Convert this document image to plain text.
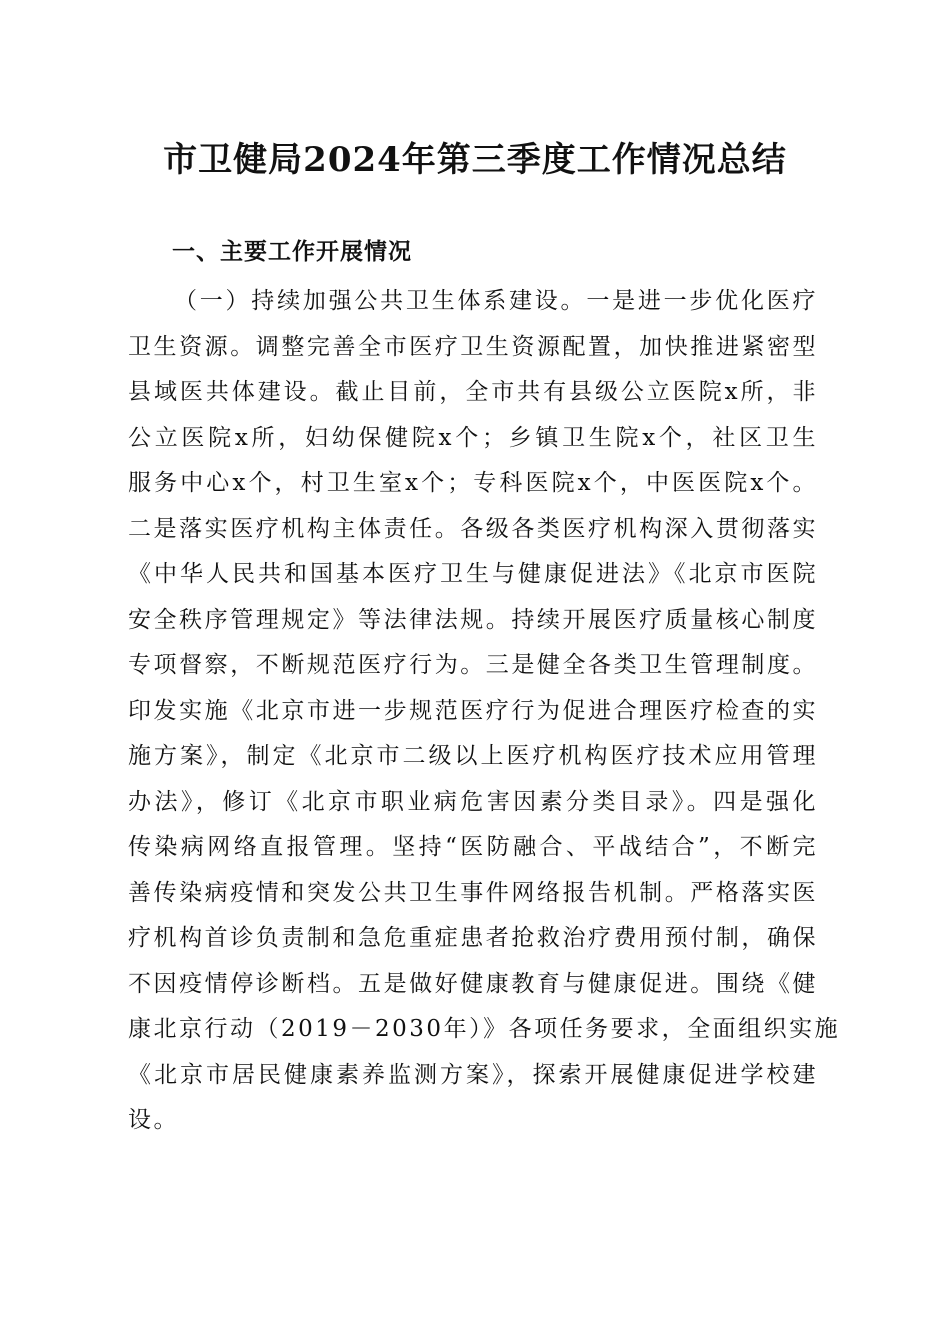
市卫健局2024年第三季度工作情况总结
一、主要工作开展情况
（一）持续加强公共卫生体系建设。一是进一步优化医疗
卫生资源。调整完善全市医疗卫生资源配置，加快推进紧密型
县域医共体建设。截止目前，全市共有县级公立医院x所，非
公立医院x所，妇幼保健院x个；乡镇卫生院x个，社区卫生
服务中心x个，村卫生室x个；专科医院x个，中医医院x个。
二是落实医疗机构主体责任。各级各类医疗机构深入贯彻落实
《中华人民共和国基本医疗卫生与健康促进法》《北京市医院
安全秩序管理规定》等法律法规。持续开展医疗质量核心制度
专项督察，不断规范医疗行为。三是健全各类卫生管理制度。
印发实施《北京市进一步规范医疗行为促进合理医疗检查的实
施方案》，制定《北京市二级以上医疗机构医疗技术应用管理
办法》，修订《北京市职业病危害因素分类目录》。四是强化
传染病网络直报管理。坚持“医防融合、平战结合”，不断完
善传染病疫情和突发公共卫生事件网络报告机制。严格落实医
疗机构首诊负责制和急危重症患者抢救治疗费用预付制，确保
不因疫情停诊断档。五是做好健康教育与健康促进。围绕《健
康北京行动（2019－2030年）》各项任务要求，全面组织实施
《北京市居民健康素养监测方案》，探索开展健康促进学校建
设。
